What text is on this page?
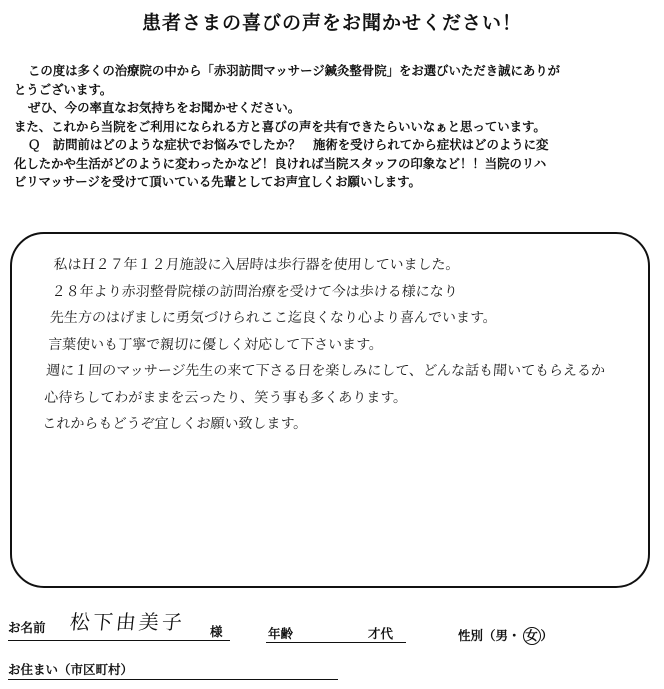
患者さまの喜びの声をお聞かせください！

この度は多くの治療院の中から「赤羽訪問マッサージ鍼灸整骨院」をお選びいただき誠にありが

とうございます。

ぜひ、今の率直なお気持ちをお聞かせください。

また、これから当院をご利用になられる方と喜びの声を共有できたらいいなぁと思っています。

Ｑ　訪問前はどのような症状でお悩みでしたか？　施術を受けられてから症状はどのように変

化したかや生活がどのように変わったかなど！良ければ当院スタッフの印象など！！当院のリハ

ビリマッサージを受けて頂いている先輩としてお声宜しくお願いします。

私はＨ２７年１２月施設に入居時は歩行器を使用していました。

２８年より赤羽整骨院様の訪問治療を受けて今は歩ける様になり

先生方のはげましに勇気づけられここ迄良くなり心より喜んでいます。

言葉使いも丁寧で親切に優しく対応して下さいます。

週に１回のマッサージ先生の来て下さる日を楽しみにして、どんな話も聞いてもらえるか

心待ちしてわがままを云ったり、笑う事も多くあります。

これからもどうぞ宜しくお願い致します。

お名前 松下由美子 様	年齢	才代	性別（男・ 女 ）
お住まい（市区町村）
